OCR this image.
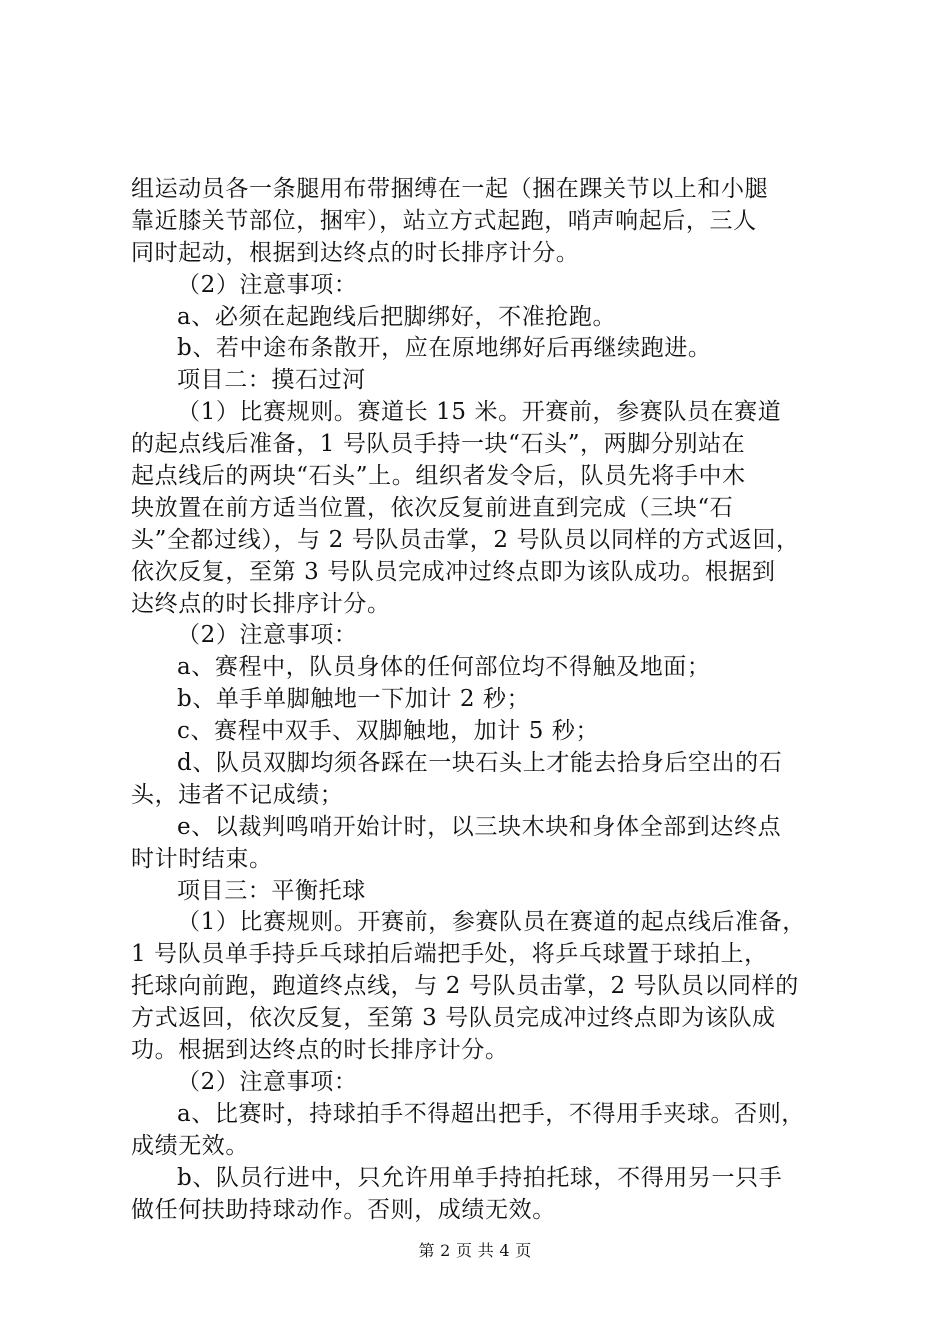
组运动员各一条腿用布带捆缚在一起（捆在踝关节以上和小腿
靠近膝关节部位，捆牢），站立方式起跑，哨声响起后，三人
同时起动，根据到达终点的时长排序计分。
（2）注意事项：
a、必须在起跑线后把脚绑好，不准抢跑。
b、若中途布条散开，应在原地绑好后再继续跑进。
项目二：摸石过河
（1）比赛规则。赛道长 15 米。开赛前，参赛队员在赛道
的起点线后准备，1 号队员手持一块“石头”，两脚分别站在
起点线后的两块“石头”上。组织者发令后，队员先将手中木
块放置在前方适当位置，依次反复前进直到完成（三块“石
头”全都过线），与 2 号队员击掌，2 号队员以同样的方式返回，
依次反复，至第 3 号队员完成冲过终点即为该队成功。根据到
达终点的时长排序计分。
（2）注意事项：
a、赛程中，队员身体的任何部位均不得触及地面；
b、单手单脚触地一下加计 2 秒；
c、赛程中双手、双脚触地，加计 5 秒；
d、队员双脚均须各踩在一块石头上才能去拾身后空出的石
头，违者不记成绩；
e、以裁判鸣哨开始计时，以三块木块和身体全部到达终点
时计时结束。
项目三：平衡托球
（1）比赛规则。开赛前，参赛队员在赛道的起点线后准备，
1 号队员单手持乒乓球拍后端把手处，将乒乓球置于球拍上，
托球向前跑，跑道终点线，与 2 号队员击掌，2 号队员以同样的
方式返回，依次反复，至第 3 号队员完成冲过终点即为该队成
功。根据到达终点的时长排序计分。
（2）注意事项：
a、比赛时，持球拍手不得超出把手，不得用手夹球。否则，
成绩无效。
b、队员行进中，只允许用单手持拍托球，不得用另一只手
做任何扶助持球动作。否则，成绩无效。
第 2 页 共 4 页
